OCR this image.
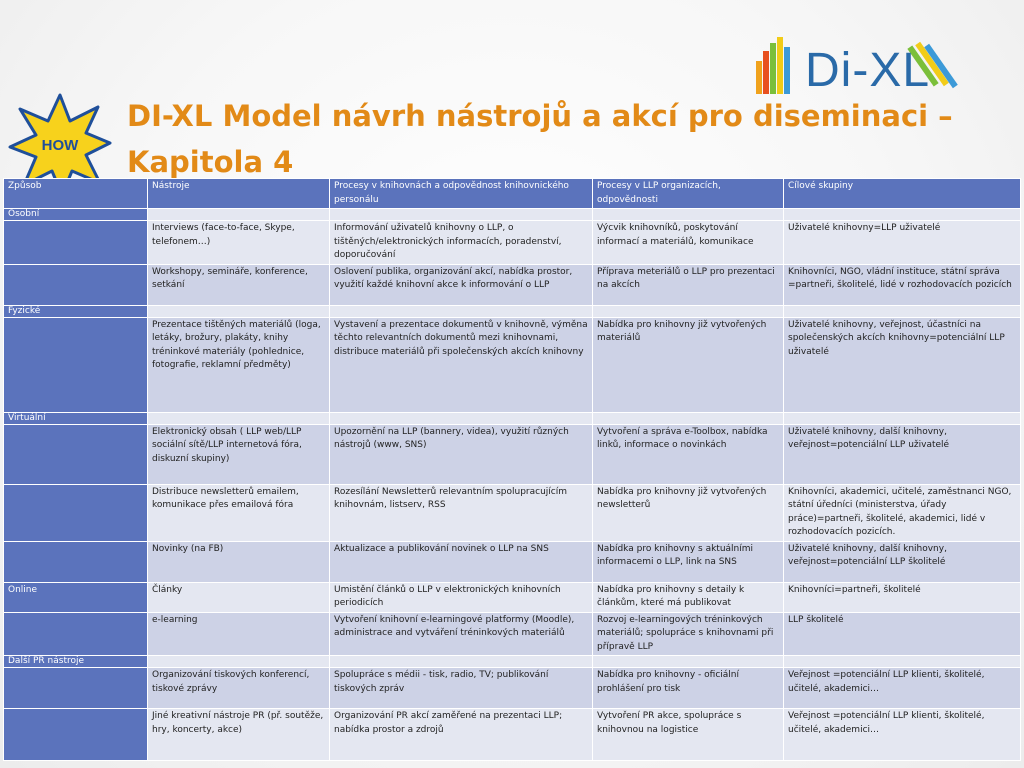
HOW
Di-XL
DI-XL Model návrh nástrojů a akcí pro diseminaci –
Kapitola 4
Způsob	Nástroje	Procesy v knihovnách a odpovědnost knihovnického personálu	Procesy v LLP organizacích, odpovědnosti	Cílové skupiny
Osobní				
	Interviews (face-to-face, Skype, telefonem…)	Informování uživatelů knihovny o LLP, o tištěných/elektronických informacích, poradenství, doporučování	Výcvik knihovníků, poskytování informací a materiálů, komunikace	Uživatelé knihovny=LLP uživatelé
	Workshopy, semináře, konference, setkání	Oslovení publika, organizování akcí, nabídka prostor, využití každé knihovní akce k informování o LLP	Příprava meteriálů o LLP pro prezentaci na akcích	Knihovníci, NGO, vládní instituce, státní správa =partneři, školitelé, lidé v rozhodovacích pozicích
Fyzické				
	Prezentace tištěných materiálů (loga, letáky, brožury, plakáty, knihy tréninkové materiály (pohlednice, fotografie, reklamní předměty)	Vystavení a prezentace dokumentů v knihovně, výměna těchto relevantních dokumentů mezi knihovnami, distribuce materiálů při společenských akcích knihovny	Nabídka pro knihovny již vytvořených materiálů	Uživatelé knihovny, veřejnost, účastníci na společenských akcích knihovny=potenciální LLP uživatelé
Virtuální				
	Elektronický obsah ( LLP web/LLP sociální sítě/LLP internetová fóra, diskuzní skupiny)	Upozornění na LLP (bannery, videa), využití různých nástrojů (www, SNS)	Vytvoření a správa e-Toolbox, nabídka linků, informace o novinkách	Uživatelé knihovny, další knihovny, veřejnost=potenciální LLP uživatelé
	Distribuce newsletterů emailem, komunikace přes emailová fóra	Rozesílání Newsletterů relevantním spolupracujícím knihovnám, listserv, RSS	Nabídka pro knihovny již vytvořených newsletterů	Knihovníci, akademici, učitelé, zaměstnanci NGO, státní úředníci (ministerstva, úřady práce)=partneři, školitelé, akademici, lidé v rozhodovacích pozicích.
	Novinky (na FB)	Aktualizace a publikování novinek o LLP na SNS	Nabídka pro knihovny s aktuálními informacemi o LLP, link na SNS	Uživatelé knihovny, další knihovny, veřejnost=potenciální LLP školitelé
Online	Články	Umistění článků o LLP v elektronických knihovních periodicích	Nabídka pro knihovny s detaily k článkům, které má publikovat	Knihovníci=partneři, školitelé
	e-learning	Vytvoření knihovní e-learningové platformy (Moodle), administrace and vytváření tréninkových materiálů	Rozvoj e-learningových tréninkových materiálů; spolupráce s knihovnami při přípravě LLP	LLP školitelé
Další PR nástroje				
	Organizování tiskových konferencí, tiskové zprávy	Spolupráce s médii - tisk, radio, TV; publikování tiskových zpráv	Nabídka pro knihovny - oficiální prohlášení pro tisk	Veřejnost =potenciální LLP klienti, školitelé, učitelé, akademici…
	Jiné kreativní nástroje PR (př. soutěže, hry, koncerty, akce)	Organizování PR akcí zaměřené na prezentaci LLP; nabídka prostor a zdrojů	Vytvoření PR akce, spolupráce s knihovnou na logistice	Veřejnost =potenciální LLP klienti, školitelé, učitelé, akademici…
